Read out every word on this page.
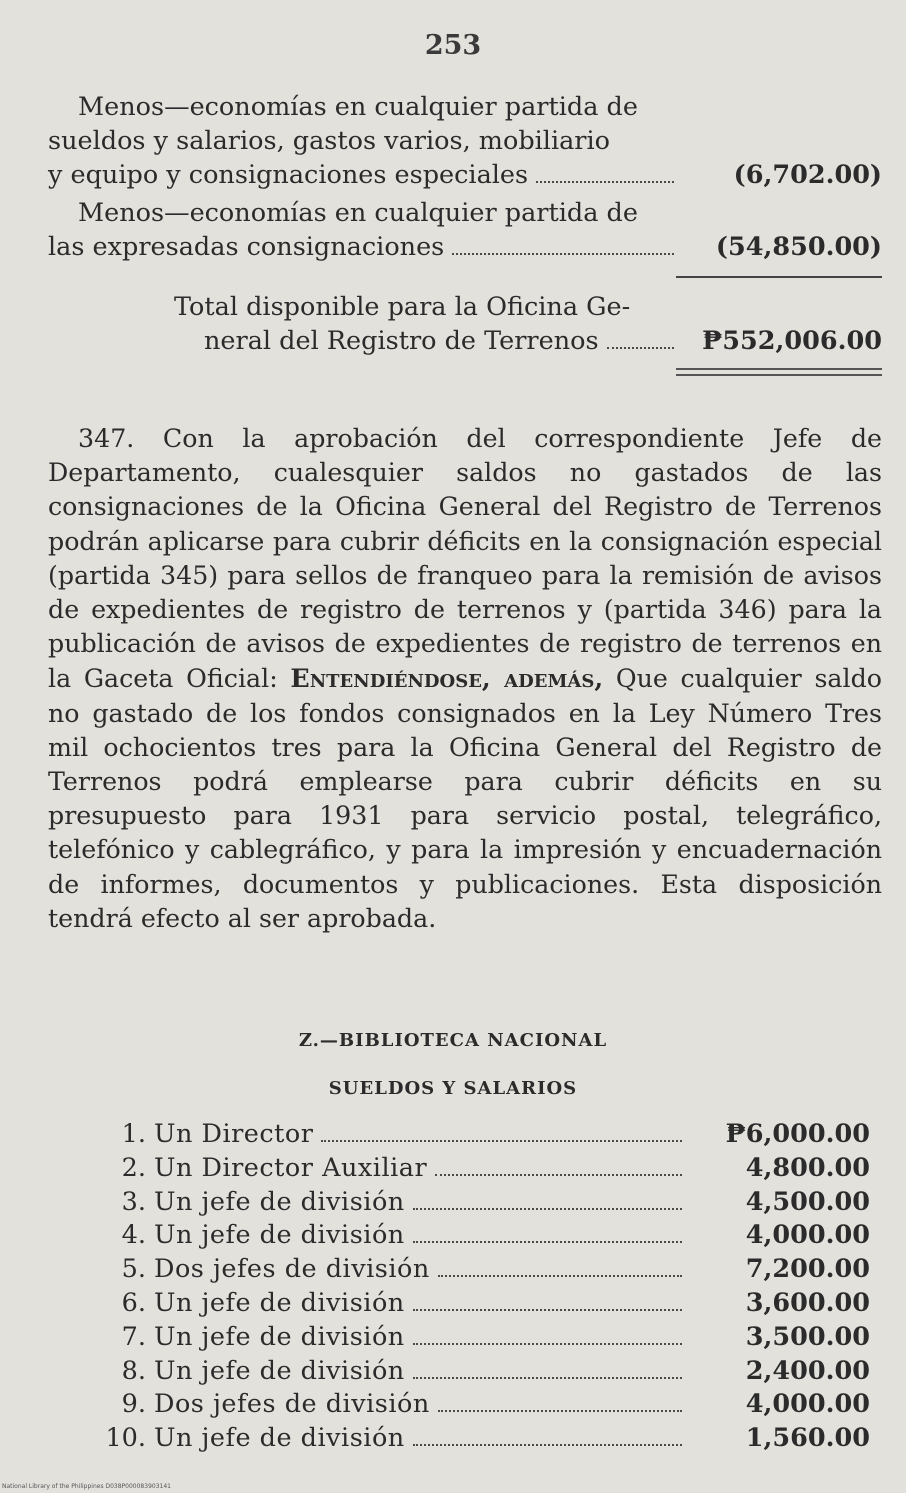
253
Menos—economías en cualquier partida de
sueldos y salarios, gastos varios, mobiliario
y equipo y consignaciones especiales	(6,702.00)
Menos—economías en cualquier partida de
las expresadas consignaciones	(54,850.00)
Total disponible para la Oficina Ge-
neral del Registro de Terrenos	₱552,006.00

347. Con la aprobación del correspondiente Jefe de Departamento, cualesquier saldos no gastados de las consignaciones de la Oficina General del Registro de Terrenos podrán aplicarse para cubrir déficits en la consignación especial (partida 345) para sellos de franqueo para la remisión de avisos de expedientes de registro de terrenos y (partida 346) para la publicación de avisos de expedientes de registro de terrenos en la Gaceta Oficial: Entendiéndose, además, Que cualquier saldo no gastado de los fondos consignados en la Ley Número Tres mil ochocientos tres para la Oficina General del Registro de Terrenos podrá emplearse para cubrir déficits en su presupuesto para 1931 para servicio postal, telegráfico, telefónico y cablegráfico, y para la impresión y encuadernación de informes, documentos y publicaciones. Esta disposición tendrá efecto al ser aprobada.

Z.—BIBLIOTECA NACIONAL
SUELDOS Y SALARIOS
1. Un Director	₱6,000.00
2. Un Director Auxiliar	4,800.00
3. Un jefe de división	4,500.00
4. Un jefe de división	4,000.00
5. Dos jefes de división	7,200.00
6. Un jefe de división	3,600.00
7. Un jefe de división	3,500.00
8. Un jefe de división	2,400.00
9. Dos jefes de división	4,000.00
10. Un jefe de división	1,560.00
National Library of the Philippines D038P000083903141
